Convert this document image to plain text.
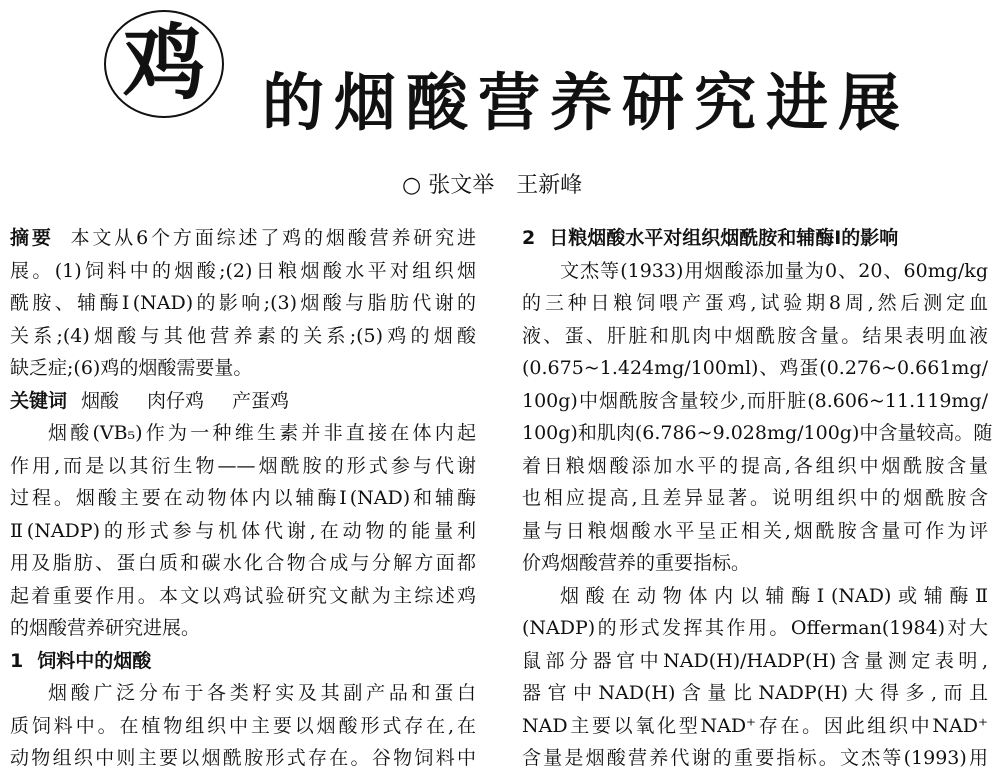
鸡 的烟酸营养研究进展
○ 张文举　王新峰
摘要 本文从6个方面综述了鸡的烟酸营养研究进
展。(1)饲料中的烟酸;(2)日粮烟酸水平对组织烟
酰胺、辅酶Ⅰ(NAD)的影响;(3)烟酸与脂肪代谢的
关系;(4)烟酸与其他营养素的关系;(5)鸡的烟酸
缺乏症;(6)鸡的烟酸需要量。
关键词 烟酸 肉仔鸡 产蛋鸡
烟酸(VB₅)作为一种维生素并非直接在体内起
作用,而是以其衍生物——烟酰胺的形式参与代谢
过程。烟酸主要在动物体内以辅酶Ⅰ(NAD)和辅酶
Ⅱ(NADP)的形式参与机体代谢,在动物的能量利
用及脂肪、蛋白质和碳水化合物合成与分解方面都
起着重要作用。本文以鸡试验研究文献为主综述鸡
的烟酸营养研究进展。
1 饲料中的烟酸
烟酸广泛分布于各类籽实及其副产品和蛋白
质饲料中。在植物组织中主要以烟酸形式存在,在
动物组织中则主要以烟酰胺形式存在。谷物饲料中
2 日粮烟酸水平对组织烟酰胺和辅酶Ⅰ的影响
文杰等(1933)用烟酸添加量为0、20、60mg/kg
的三种日粮饲喂产蛋鸡,试验期8周,然后测定血
液、蛋、肝脏和肌肉中烟酰胺含量。结果表明血液
(0.675~1.424mg/100ml)、鸡蛋(0.276~0.661mg/
100g)中烟酰胺含量较少,而肝脏(8.606~11.119mg/
100g)和肌肉(6.786~9.028mg/100g)中含量较高。随
着日粮烟酸添加水平的提高,各组织中烟酰胺含量
也相应提高,且差异显著。说明组织中的烟酰胺含
量与日粮烟酸水平呈正相关,烟酰胺含量可作为评
价鸡烟酸营养的重要指标。
烟酸在动物体内以辅酶Ⅰ(NAD)或辅酶Ⅱ
(NADP)的形式发挥其作用。Offerman(1984)对大
鼠部分器官中NAD(H)/HADP(H)含量测定表明,
器官中NAD(H)含量比NADP(H)大得多,而且
NAD主要以氧化型NAD⁺存在。因此组织中NAD⁺
含量是烟酸营养代谢的重要指标。文杰等(1993)用
